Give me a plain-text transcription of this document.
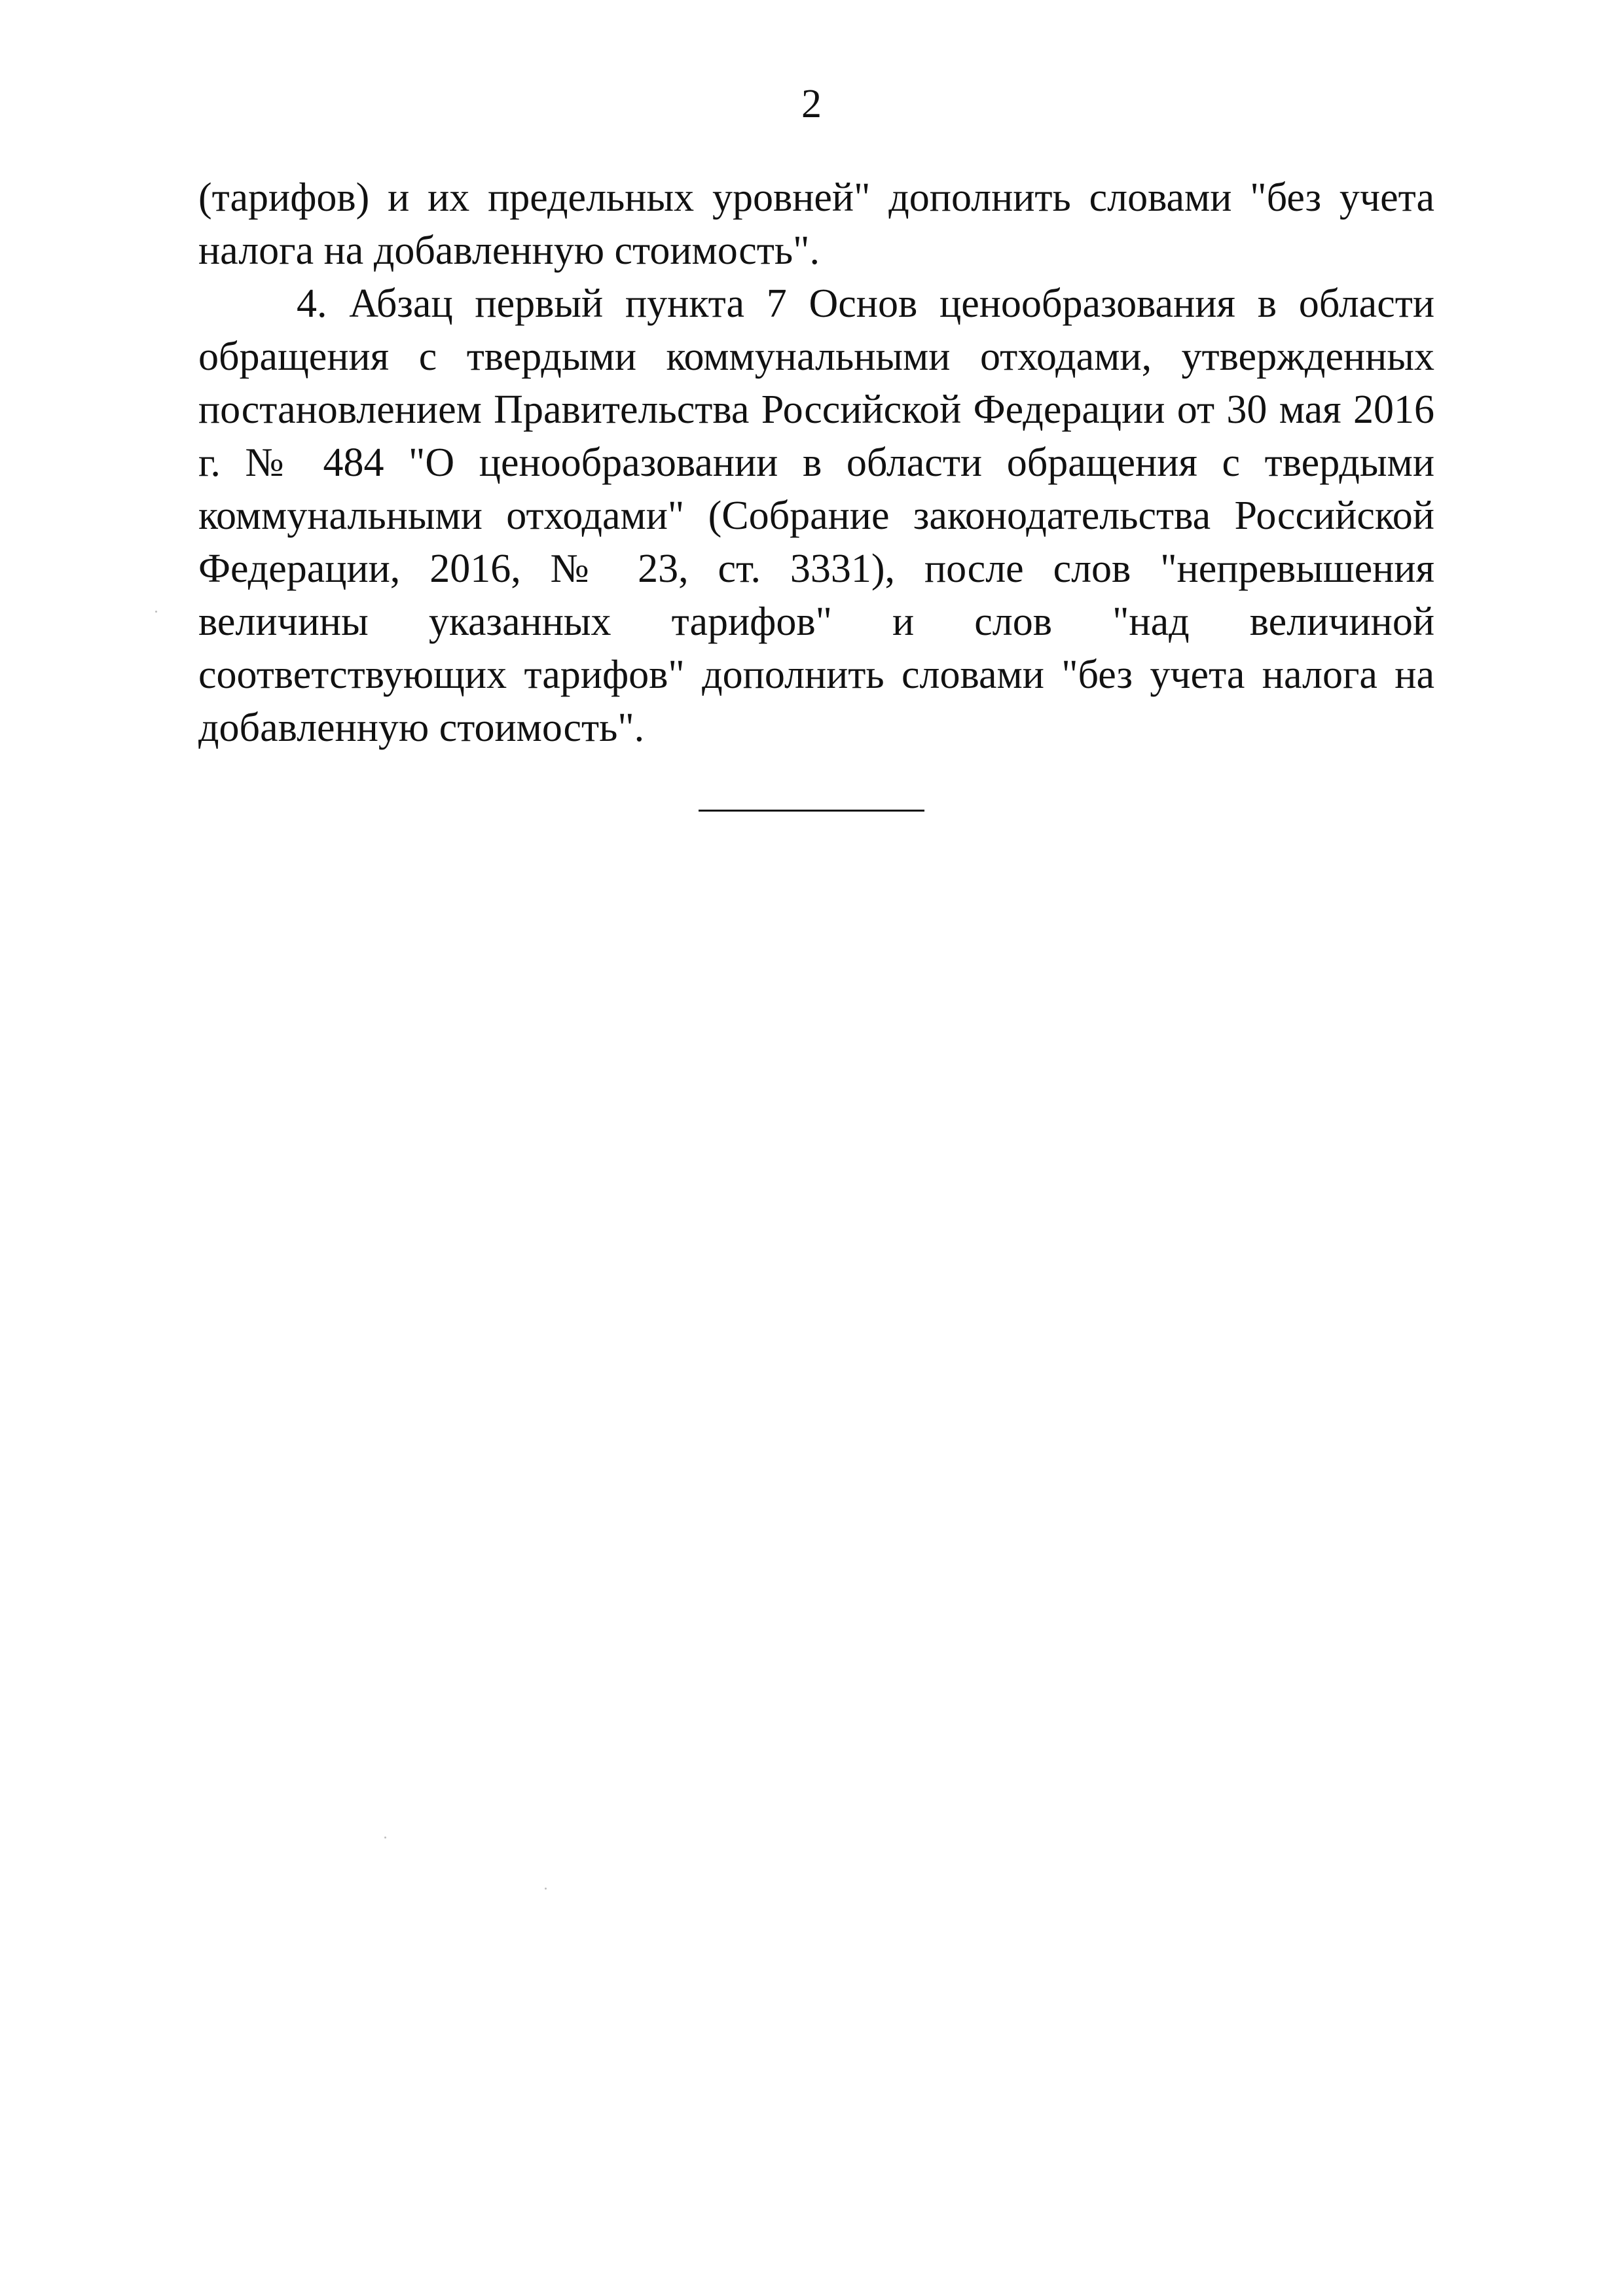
2

(тарифов) и их предельных уровней" дополнить словами "без учета налога на добавленную стоимость".

4. Абзац первый пункта 7 Основ ценообразования в области обращения с твердыми коммунальными отходами, утвержденных постановлением Правительства Российской Федерации от 30 мая 2016 г. № 484 "О ценообразовании в области обращения с твердыми коммунальными отходами" (Собрание законодательства Российской Федерации, 2016, № 23, ст. 3331), после слов "непревышения величины указанных тарифов" и слов "над величиной соответствующих тарифов" дополнить словами "без учета налога на добавленную стоимость".
